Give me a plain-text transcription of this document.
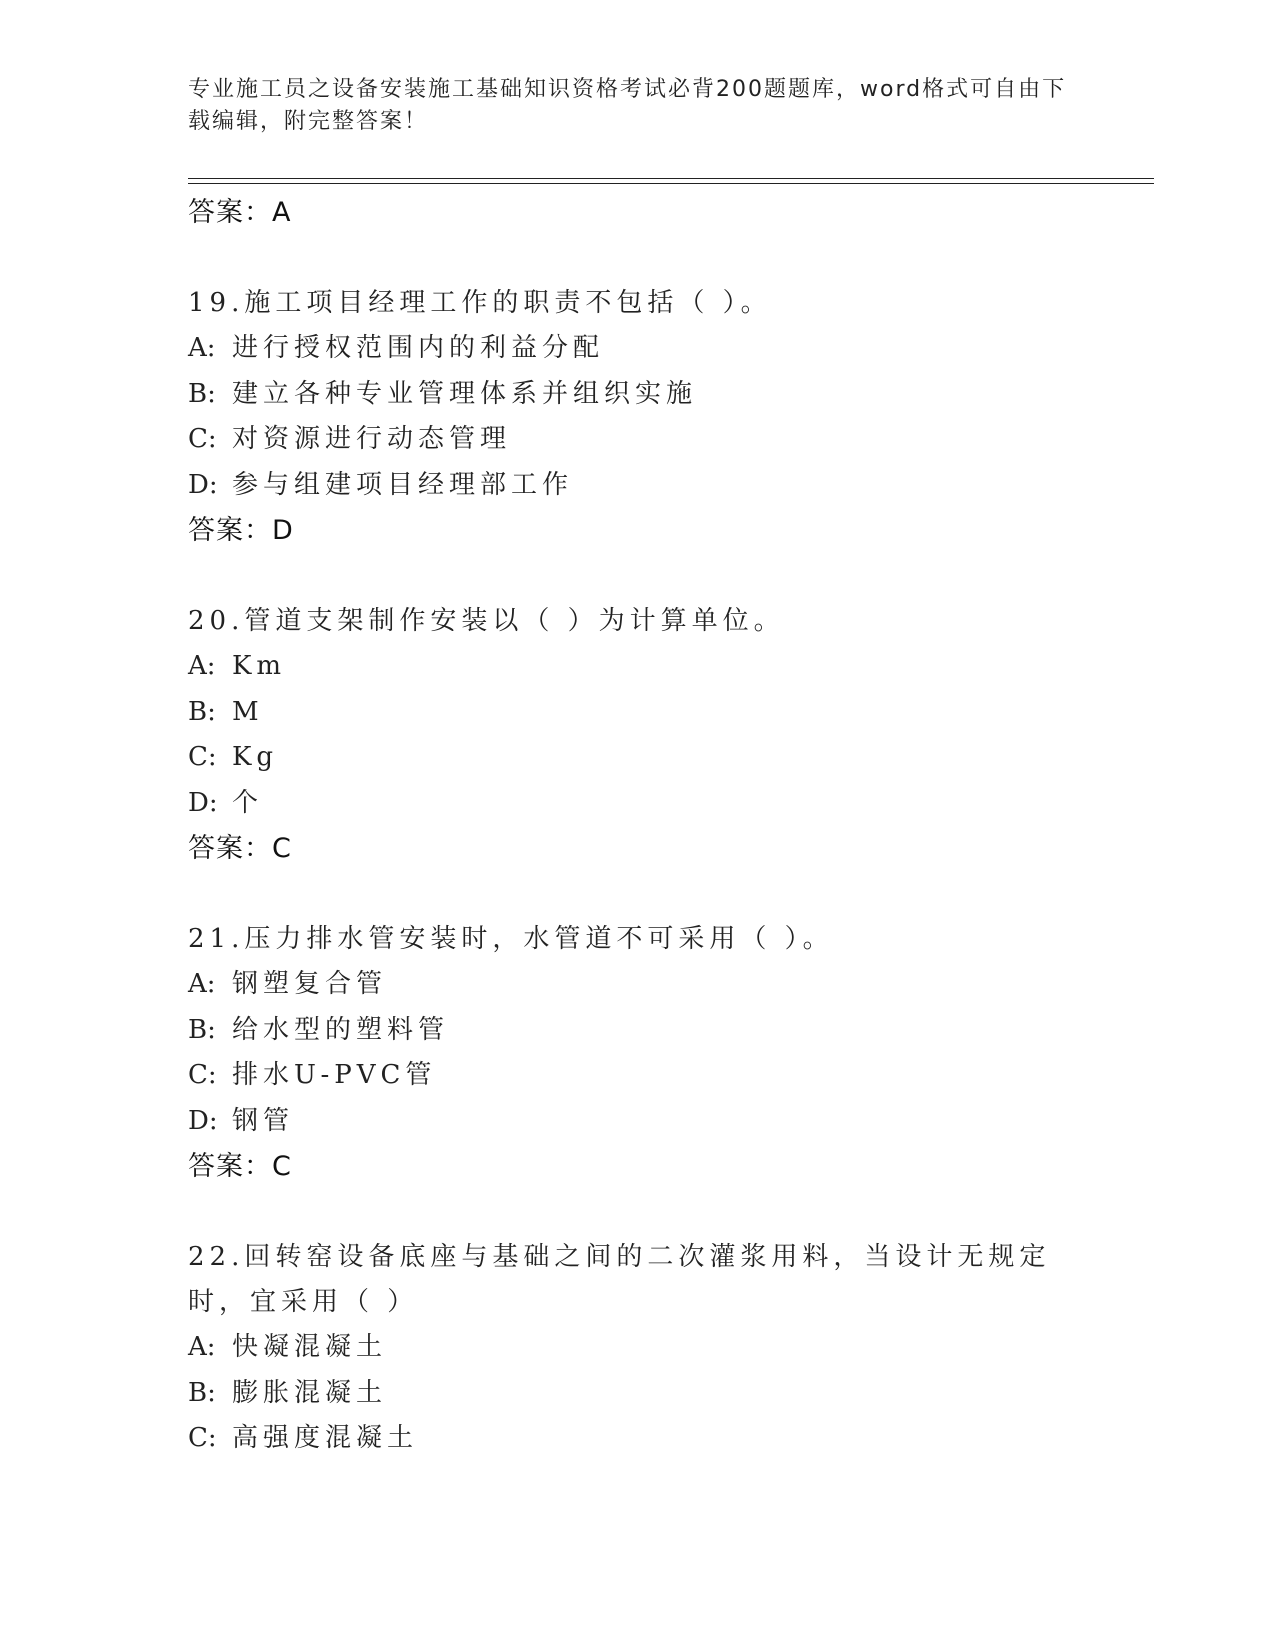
专业施工员之设备安装施工基础知识资格考试必背200题题库，word格式可自由下载编辑，附完整答案！
答案：A
19.施工项目经理工作的职责不包括（ ）。
A: 进行授权范围内的利益分配
B: 建立各种专业管理体系并组织实施
C: 对资源进行动态管理
D: 参与组建项目经理部工作
答案：D
20.管道支架制作安装以（ ）为计算单位。
A: Km
B: M
C: Kg
D: 个
答案：C
21.压力排水管安装时，水管道不可采用（ ）。
A: 钢塑复合管
B: 给水型的塑料管
C: 排水U-PVC管
D: 钢管
答案：C
22.回转窑设备底座与基础之间的二次灌浆用料，当设计无规定时，宜采用（ ）
A: 快凝混凝土
B: 膨胀混凝土
C: 高强度混凝土
